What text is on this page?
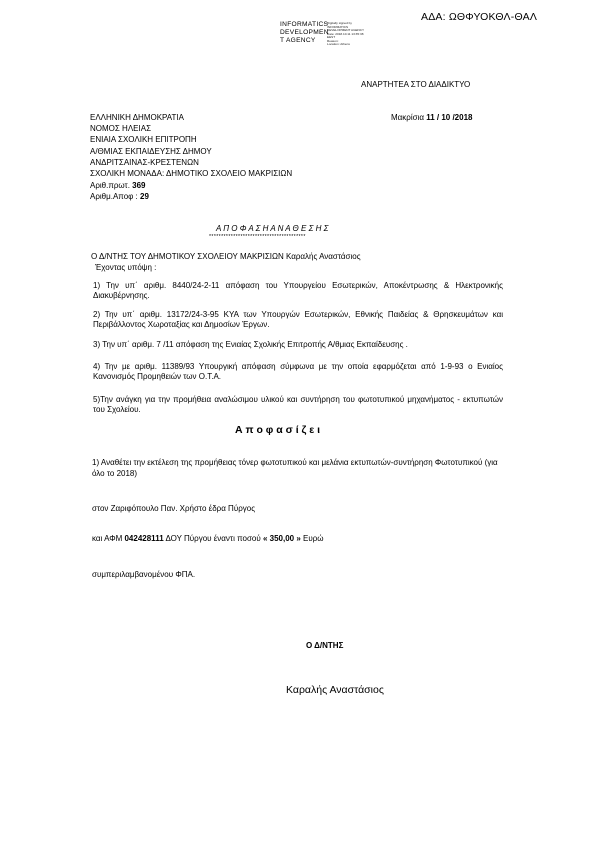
ΑΔΑ: ΩΘΦΥΟΚΘΛ-ΘΑΛ
INFORMATICS
DEVELOPMEN
T AGENCY
Digitally signed by
INFORMATICS
DEVELOPMENT AGENCY
Date: 2018.10.11 13:35:38
EEST
Reason:
Location: Athens
ΑΝΑΡΤΗΤΕΑ ΣΤΟ ΔΙΑΔΙΚΤΥΟ
ΕΛΛΗΝΙΚΗ ΔΗΜΟΚΡΑΤΙΑ
ΝΟΜΟΣ ΗΛΕΙΑΣ
ΕΝΙΑΙΑ ΣΧΟΛΙΚΗ ΕΠΙΤΡΟΠΗ
Α/ΘΜΙΑΣ ΕΚΠΑΙΔΕΥΣΗΣ ΔΗΜΟΥ
ΑΝΔΡΙΤΣΑΙΝΑΣ-ΚΡΕΣΤΕΝΩΝ
ΣΧΟΛΙΚΗ ΜΟΝΑΔΑ: ΔΗΜΟΤΙΚΟ ΣΧΟΛΕΙΟ ΜΑΚΡΙΣΙΩΝ
Αριθ.πρωτ. 369
Αριθμ.Αποφ : 29
Μακρίσια 11 / 10 /2018
Α Π Ο Φ Α Σ Η Α Ν Α Θ Ε Σ Η Σ
****************************************
Ο Δ/ΝΤΗΣ ΤΟΥ ΔΗΜΟΤΙΚΟΥ ΣΧΟΛΕΙΟΥ ΜΑΚΡΙΣΙΩΝ Καραλής Αναστάσιος
Έχοντας υπόψη :
1) Την υπ΄ αριθμ. 8440/24-2-11 απόφαση του Υπουργείου Εσωτερικών, Αποκέντρωσης & Ηλεκτρονικής Διακυβέρνησης.
2) Την υπ΄ αριθμ. 13172/24-3-95 ΚΥΑ των Υπουργών Εσωτερικών, Εθνικής Παιδείας & Θρησκευμάτων και Περιβάλλοντος Χωροταξίας και Δημοσίων Έργων.
3) Την υπ΄ αριθμ. 7 /11 απόφαση της Ενιαίας Σχολικής Επιτροπής Α/θμιας Εκπαίδευσης .
4) Την με αριθμ. 11389/93 Υπουργική απόφαση σύμφωνα με την οποία εφαρμόζεται από 1-9-93 ο Ενιαίος Κανονισμός Προμηθειών των Ο.Τ.Α.
5)Την ανάγκη για την προμήθεια αναλώσιμου υλικού και συντήρηση του φωτοτυπικού μηχανήματος - εκτυπωτών του Σχολείου.
Α π ο φ α σ ί ζ ε ι
1) Αναθέτει την εκτέλεση της προμήθειας τόνερ φωτοτυπικού και μελάνια εκτυπωτών-συντήρηση Φωτοτυπικού (για όλο το 2018)
στον Ζαριφόπουλο Παν. Χρήστο έδρα Πύργος
και ΑΦΜ 042428111 ΔΟΥ Πύργου έναντι ποσού « 350,00 » Ευρώ
συμπεριλαμβανομένου ΦΠΑ.
Ο Δ/ΝΤΗΣ
Καραλής Αναστάσιος
